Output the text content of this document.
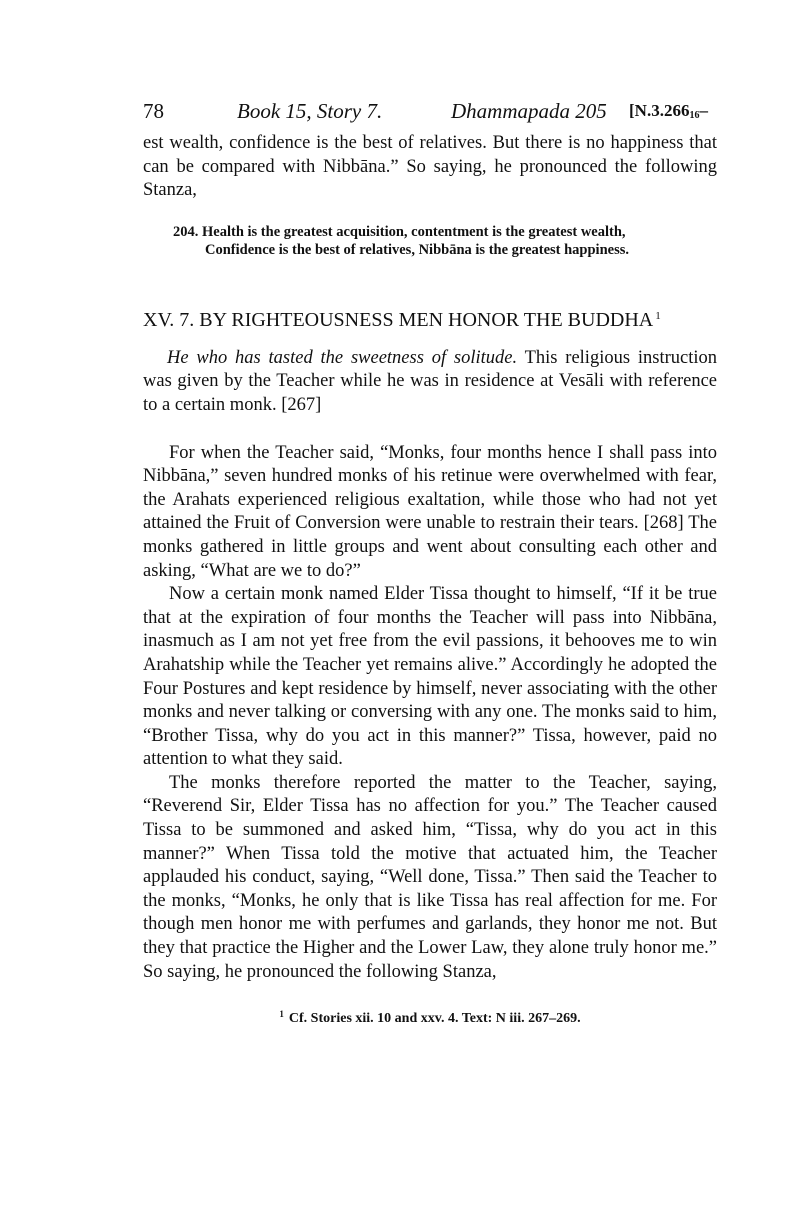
78	Book 15, Story 7.	Dhammapada 205 [$N.3.266_{16}-$

est wealth, confidence is the best of relatives. But there is no happiness that can be compared with Nibbāna.” So saying, he pronounced the following Stanza,

204. Health is the greatest acquisition, contentment is the greatest wealth,
Confidence is the best of relatives, Nibbāna is the greatest happiness.
XV. 7. BY RIGHTEOUSNESS MEN HONOR THE BUDDHA $^1$

He who has tasted the sweetness of solitude. This religious instruction was given by the Teacher while he was in residence at Vesāli with reference to a certain monk. [267]

For when the Teacher said, “Monks, four months hence I shall pass into Nibbāna,” seven hundred monks of his retinue were overwhelmed with fear, the Arahats experienced religious exaltation, while those who had not yet attained the Fruit of Conversion were unable to restrain their tears. [268] The monks gathered in little groups and went about consulting each other and asking, “What are we to do?”

Now a certain monk named Elder Tissa thought to himself, “If it be true that at the expiration of four months the Teacher will pass into Nibbāna, inasmuch as I am not yet free from the evil passions, it behooves me to win Arahatship while the Teacher yet remains alive.” Accordingly he adopted the Four Postures and kept residence by himself, never associating with the other monks and never talking or conversing with any one. The monks said to him, “Brother Tissa, why do you act in this manner?” Tissa, however, paid no attention to what they said.

The monks therefore reported the matter to the Teacher, saying, “Reverend Sir, Elder Tissa has no affection for you.” The Teacher caused Tissa to be summoned and asked him, “Tissa, why do you act in this manner?” When Tissa told the motive that actuated him, the Teacher applauded his conduct, saying, “Well done, Tissa.” Then said the Teacher to the monks, “Monks, he only that is like Tissa has real affection for me. For though men honor me with perfumes and garlands, they honor me not. But they that practice the Higher and the Lower Law, they alone truly honor me.” So saying, he pronounced the following Stanza,

$^1$ Cf. Stories xii. 10 and xxv. 4. Text: N iii. 267–269.
